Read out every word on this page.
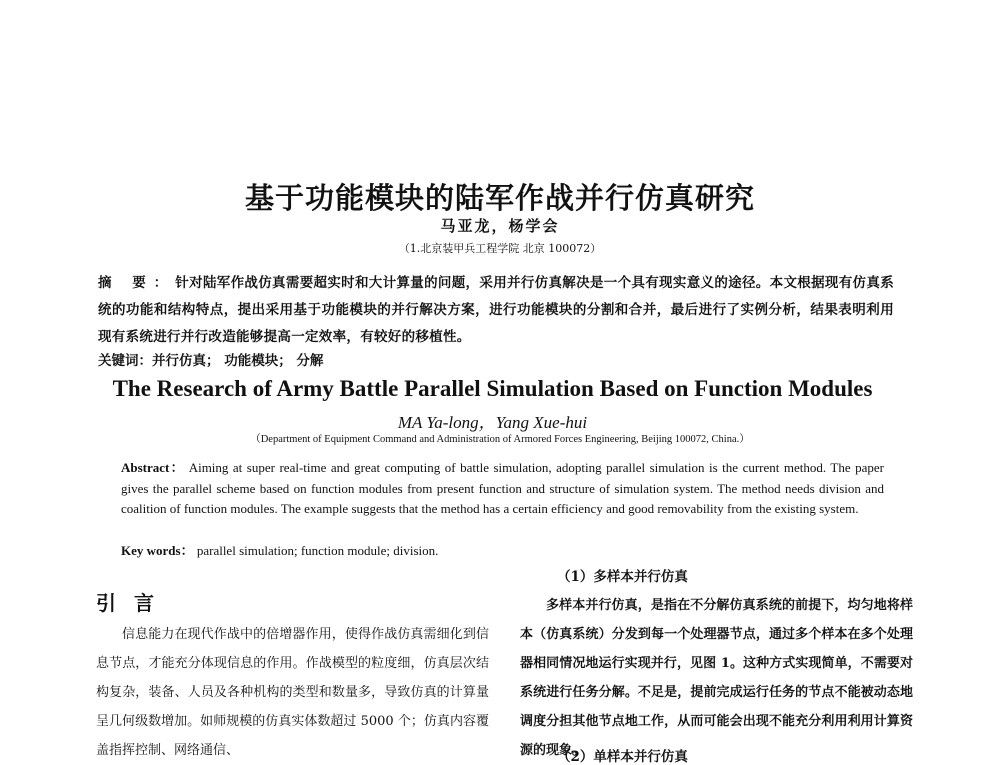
基于功能模块的陆军作战并行仿真研究
马亚龙，杨学会
（1.北京装甲兵工程学院 北京 100072）
摘 要：针对陆军作战仿真需要超实时和大计算量的问题，采用并行仿真解决是一个具有现实意义的途径。本文根据现有仿真系统的功能和结构特点，提出采用基于功能模块的并行解决方案，进行功能模块的分割和合并，最后进行了实例分析，结果表明利用现有系统进行并行改造能够提高一定效率，有较好的移植性。
关键词：并行仿真； 功能模块； 分解
The Research of Army Battle Parallel Simulation Based on Function Modules
MA Ya-long，Yang Xue-hui
（Department of Equipment Command and Administration of Armored Forces Engineering, Beijing 100072, China.）
Abstract： Aiming at super real-time and great computing of battle simulation, adopting parallel simulation is the current method. The paper gives the parallel scheme based on function modules from present function and structure of simulation system. The method needs division and coalition of function modules. The example suggests that the method has a certain efficiency and good removability from the existing system.
Key words： parallel simulation; function module; division.
引言

信息能力在现代作战中的倍增器作用，使得作战仿真需细化到信息节点，才能充分体现信息的作用。作战模型的粒度细，仿真层次结构复杂，装备、人员及各种机构的类型和数量多，导致仿真的计算量呈几何级数增加。如师规模的仿真实体数超过 5000 个；仿真内容覆盖指挥控制、网络通信、

（1）多样本并行仿真

多样本并行仿真，是指在不分解仿真系统的前提下，均匀地将样本（仿真系统）分发到每一个处理器节点，通过多个样本在多个处理器相同情况地运行实现并行，见图 1。这种方式实现简单，不需要对系统进行任务分解。不足是，提前完成运行任务的节点不能被动态地调度分担其他节点地工作，从而可能会出现不能充分利用利用计算资源的现象。

（2）单样本并行仿真
